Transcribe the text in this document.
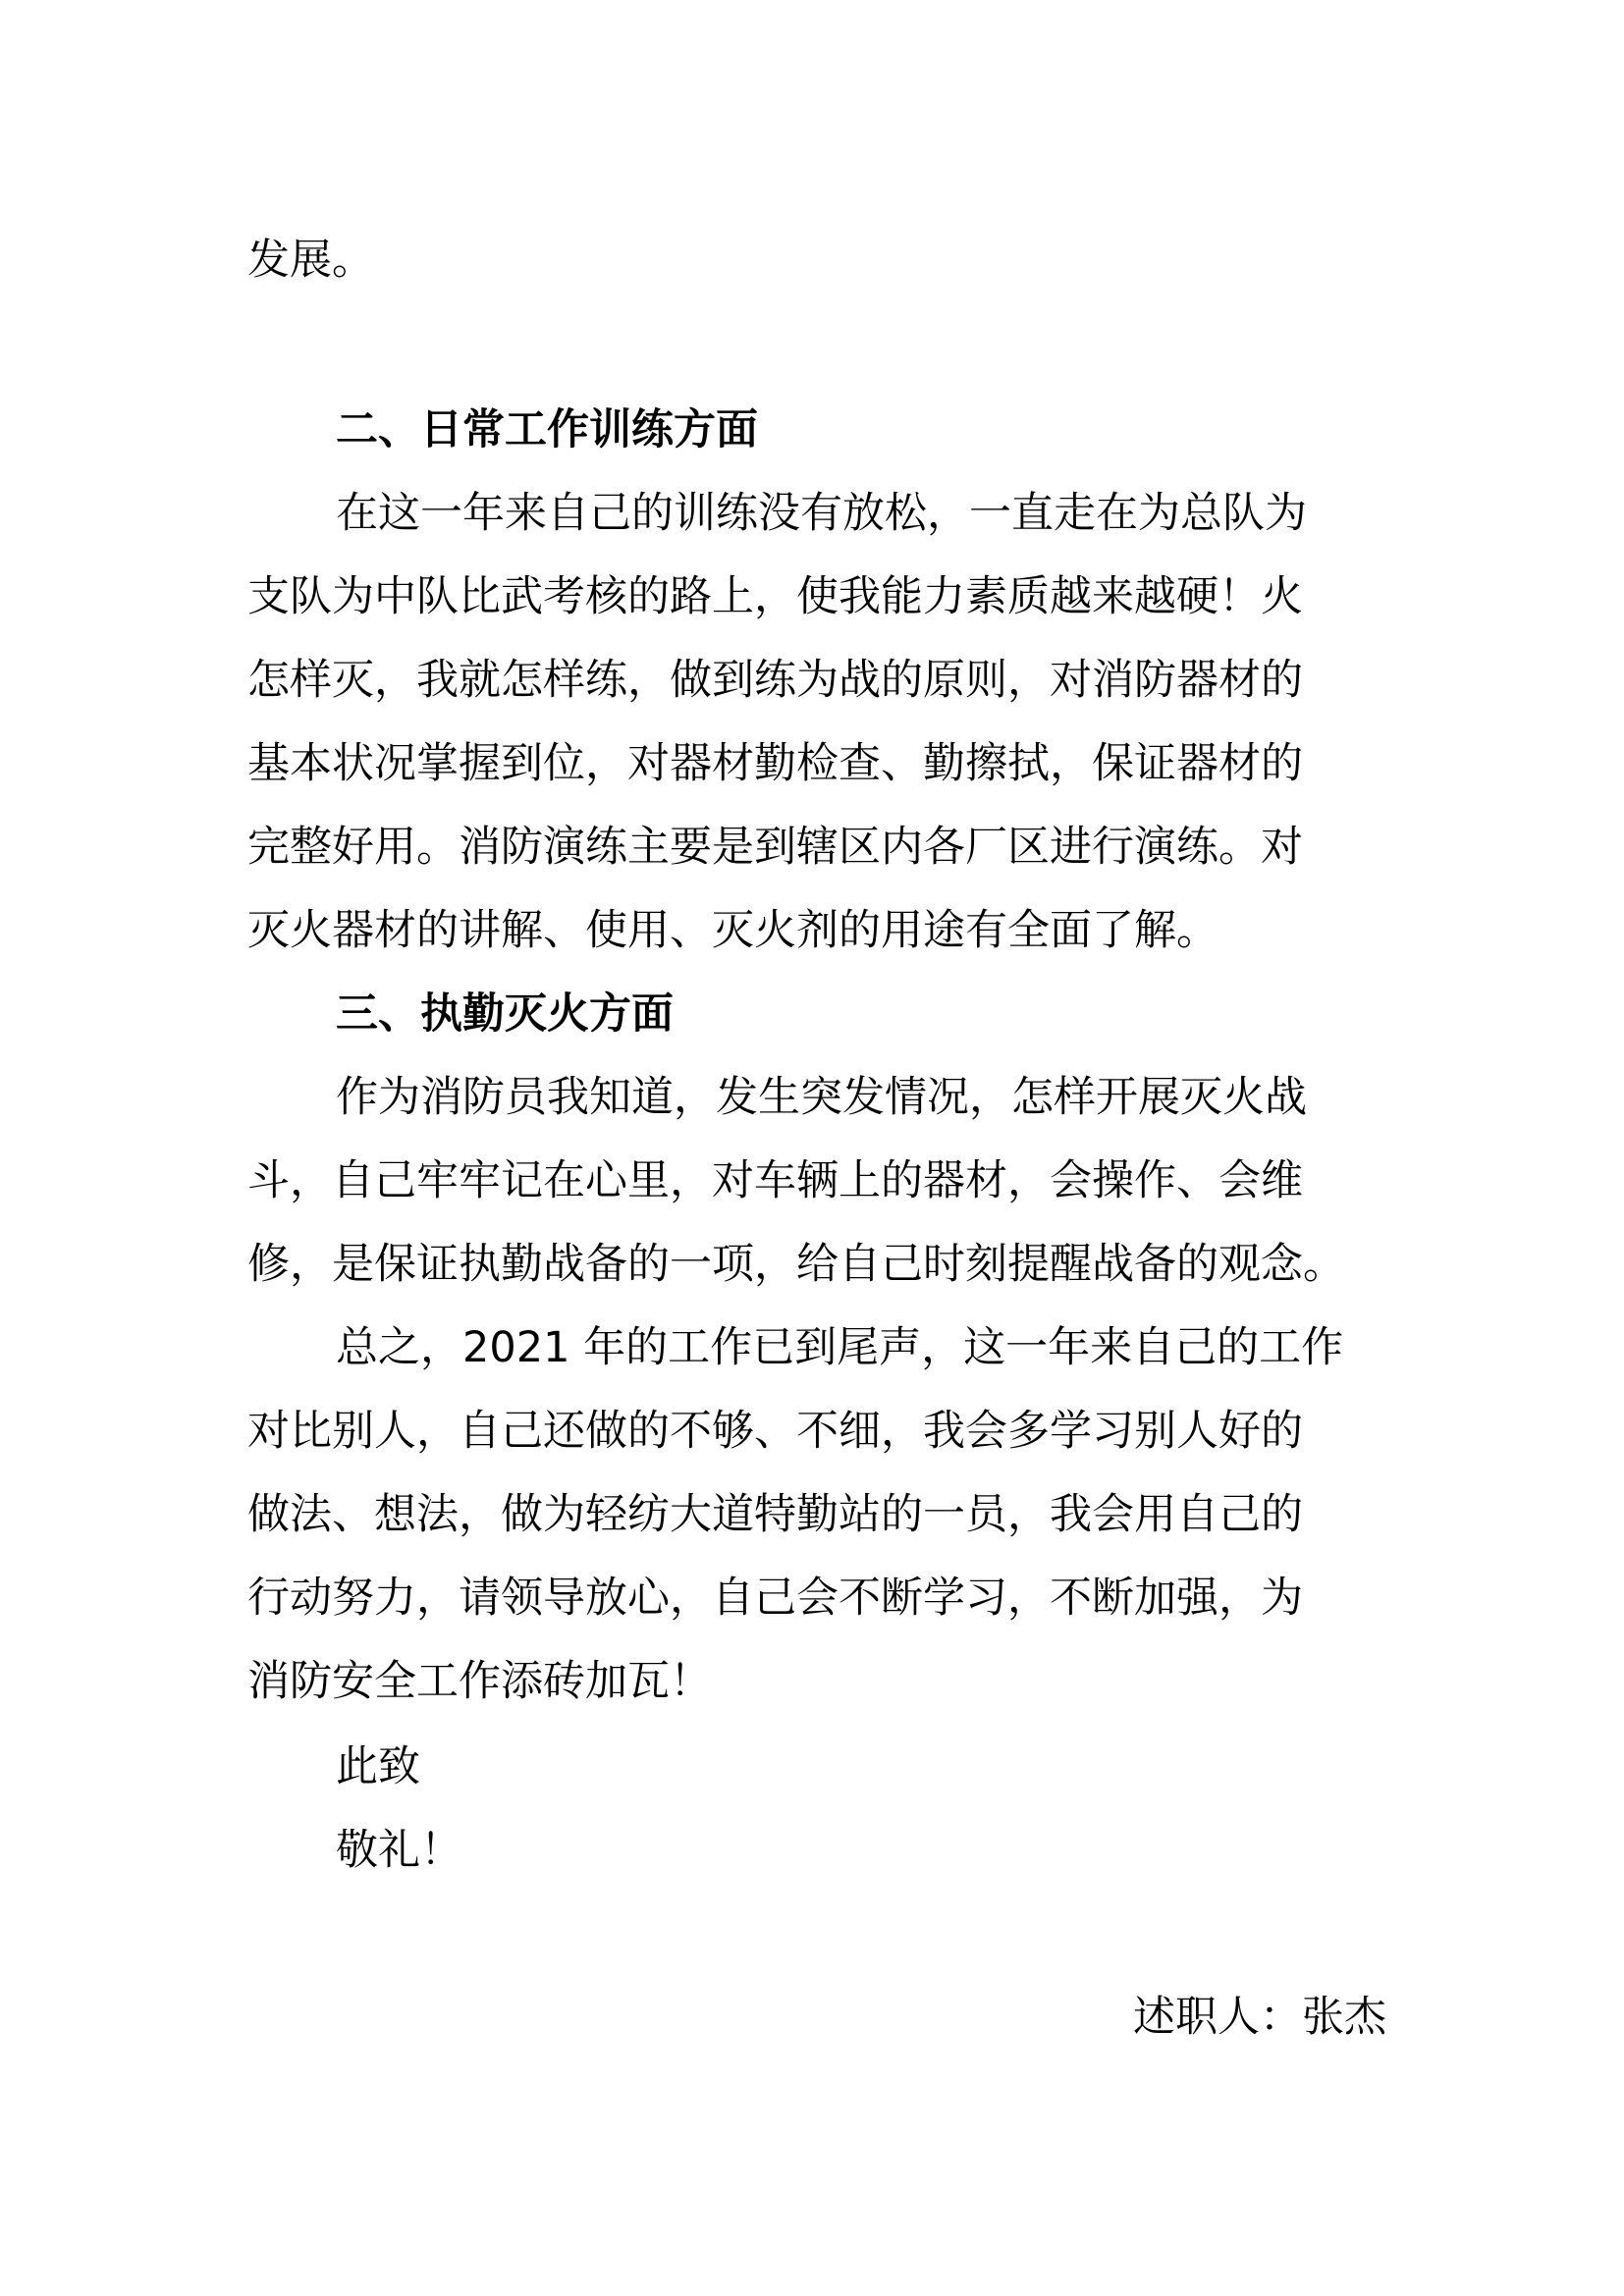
发展。

二、日常工作训练方面

在这一年来自己的训练没有放松，一直走在为总队为

支队为中队比武考核的路上，使我能力素质越来越硬！火

怎样灭，我就怎样练，做到练为战的原则，对消防器材的

基本状况掌握到位，对器材勤检查、勤擦拭，保证器材的

完整好用。消防演练主要是到辖区内各厂区进行演练。对

灭火器材的讲解、使用、灭火剂的用途有全面了解。

三、执勤灭火方面

作为消防员我知道，发生突发情况，怎样开展灭火战

斗，自己牢牢记在心里，对车辆上的器材，会操作、会维

修，是保证执勤战备的一项，给自己时刻提醒战备的观念。

总之，2021 年的工作已到尾声，这一年来自己的工作

对比别人，自己还做的不够、不细，我会多学习别人好的

做法、想法，做为轻纺大道特勤站的一员，我会用自己的

行动努力，请领导放心，自己会不断学习，不断加强，为

消防安全工作添砖加瓦！

此致

敬礼！

述职人：张杰
